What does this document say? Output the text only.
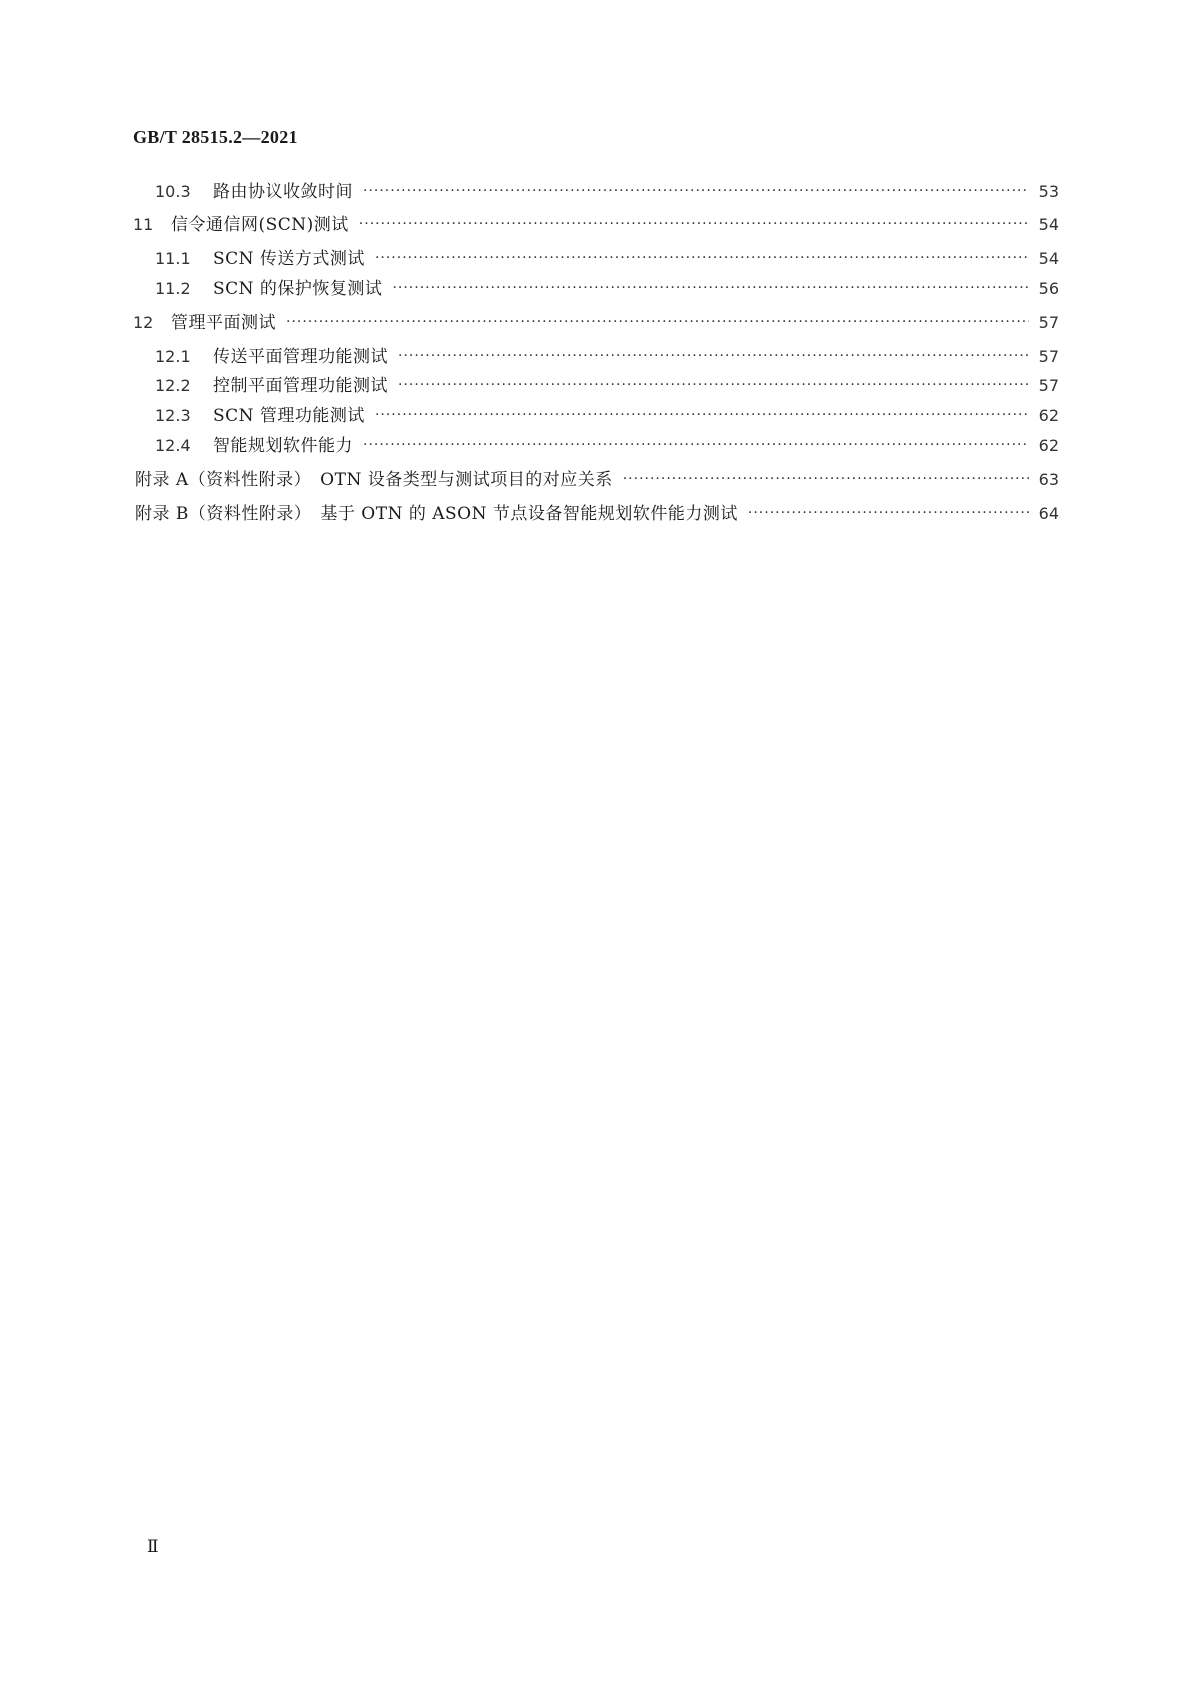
GB/T 28515.2—2021
10.3	路由协议收敛时间 ·····	53
11	信令通信网(SCN)测试 ·····	54
11.1	SCN 传送方式测试 ·····	54
11.2	SCN 的保护恢复测试 ·····	56
12	管理平面测试 ·····	57
12.1	传送平面管理功能测试 ·····	57
12.2	控制平面管理功能测试 ·····	57
12.3	SCN 管理功能测试 ·····	62
12.4	智能规划软件能力 ·····	62
附录 A（资料性附录）　OTN 设备类型与测试项目的对应关系 ·····	63
附录 B（资料性附录）　基于 OTN 的 ASON 节点设备智能规划软件能力测试 ·····	64
Ⅱ
